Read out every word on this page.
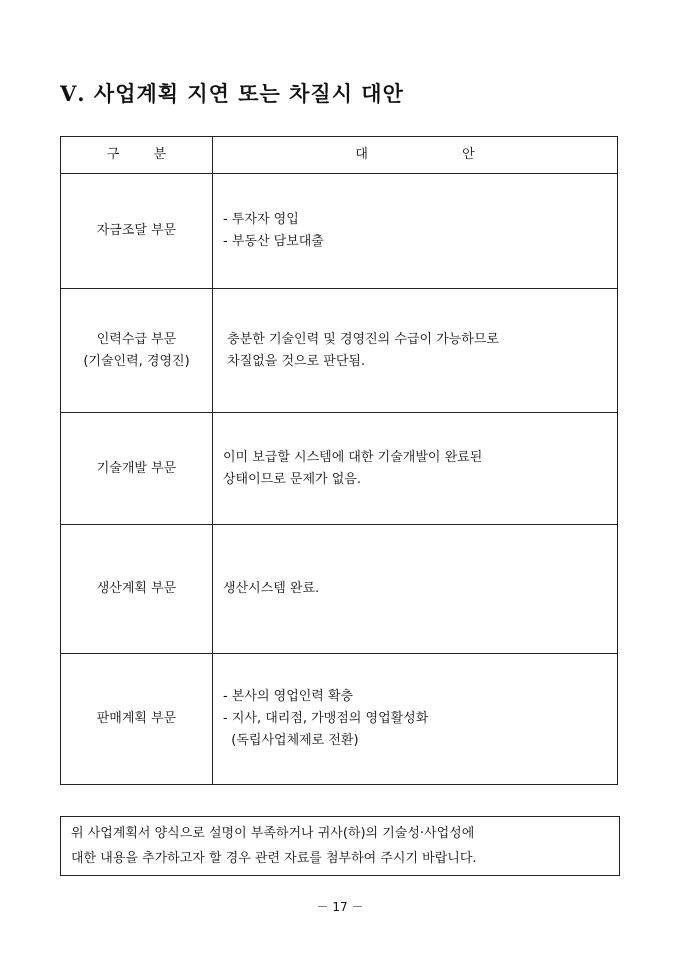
Ⅴ. 사업계획 지연 또는 차질시 대안
구 분	대 안

자금조달 부문	- 투자자 영입
- 부동산 담보대출

인력수급 부문
(기술인력, 경영진)	충분한 기술인력 및 경영진의 수급이 가능하므로
차질없을 것으로 판단됨.

기술개발 부문	이미 보급할 시스템에 대한 기술개발이 완료된
상태이므로 문제가 없음.

생산계획 부문	생산시스템 완료.

판매계획 부문	- 본사의 영업인력 확충
- 지사, 대리점, 가맹점의 영업활성화
(독립사업체제로 전환)
위 사업계획서 양식으로 설명이 부족하거나 귀사(하)의 기술성·사업성에
대한 내용을 추가하고자 할 경우 관련 자료를 첨부하여 주시기 바랍니다.
－ 17 －
